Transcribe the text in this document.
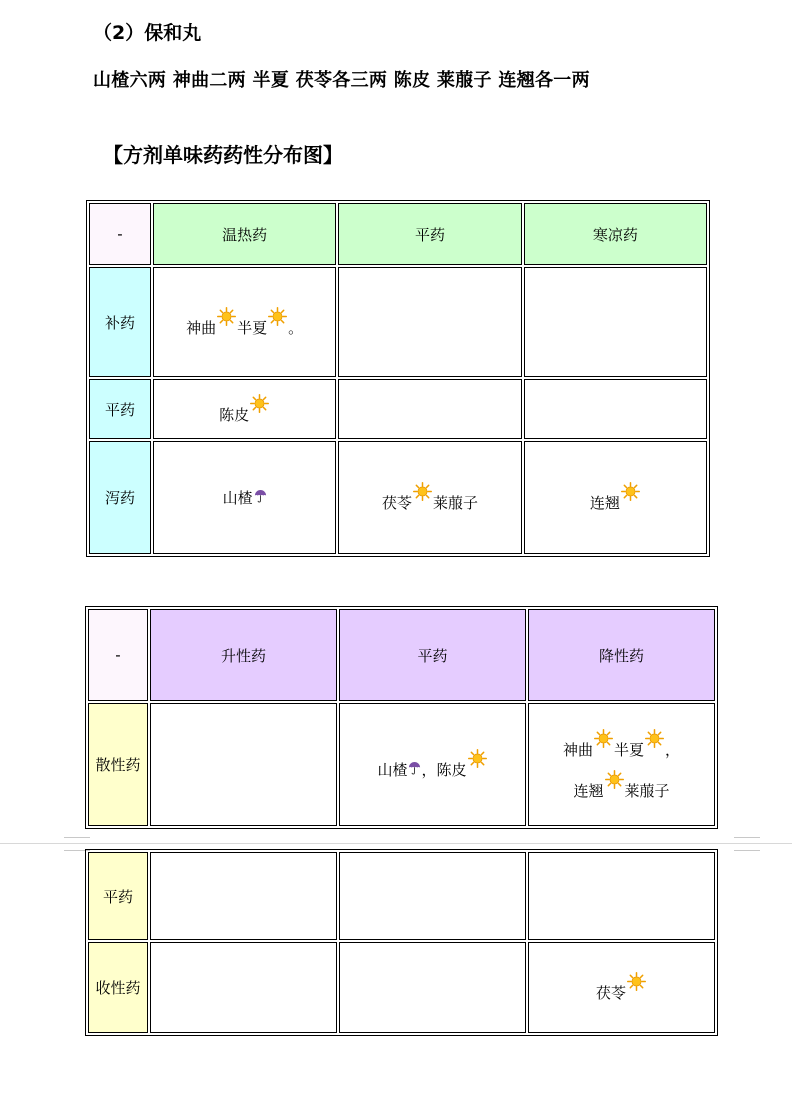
（2）保和丸
山楂六两 神曲二两 半夏 茯苓各三两 陈皮 莱菔子 连翘各一两
【方剂单味药药性分布图】
-	温热药	平药	寒凉药
补药	神曲 半夏 。		

平药	陈皮		

泻药	山楂	茯苓 莱菔子	连翘
-	升性药	平药	降性药
散性药		山楂 ，陈皮	神曲 半夏 ，
连翘 莱菔子
平药			
收性药			茯苓
